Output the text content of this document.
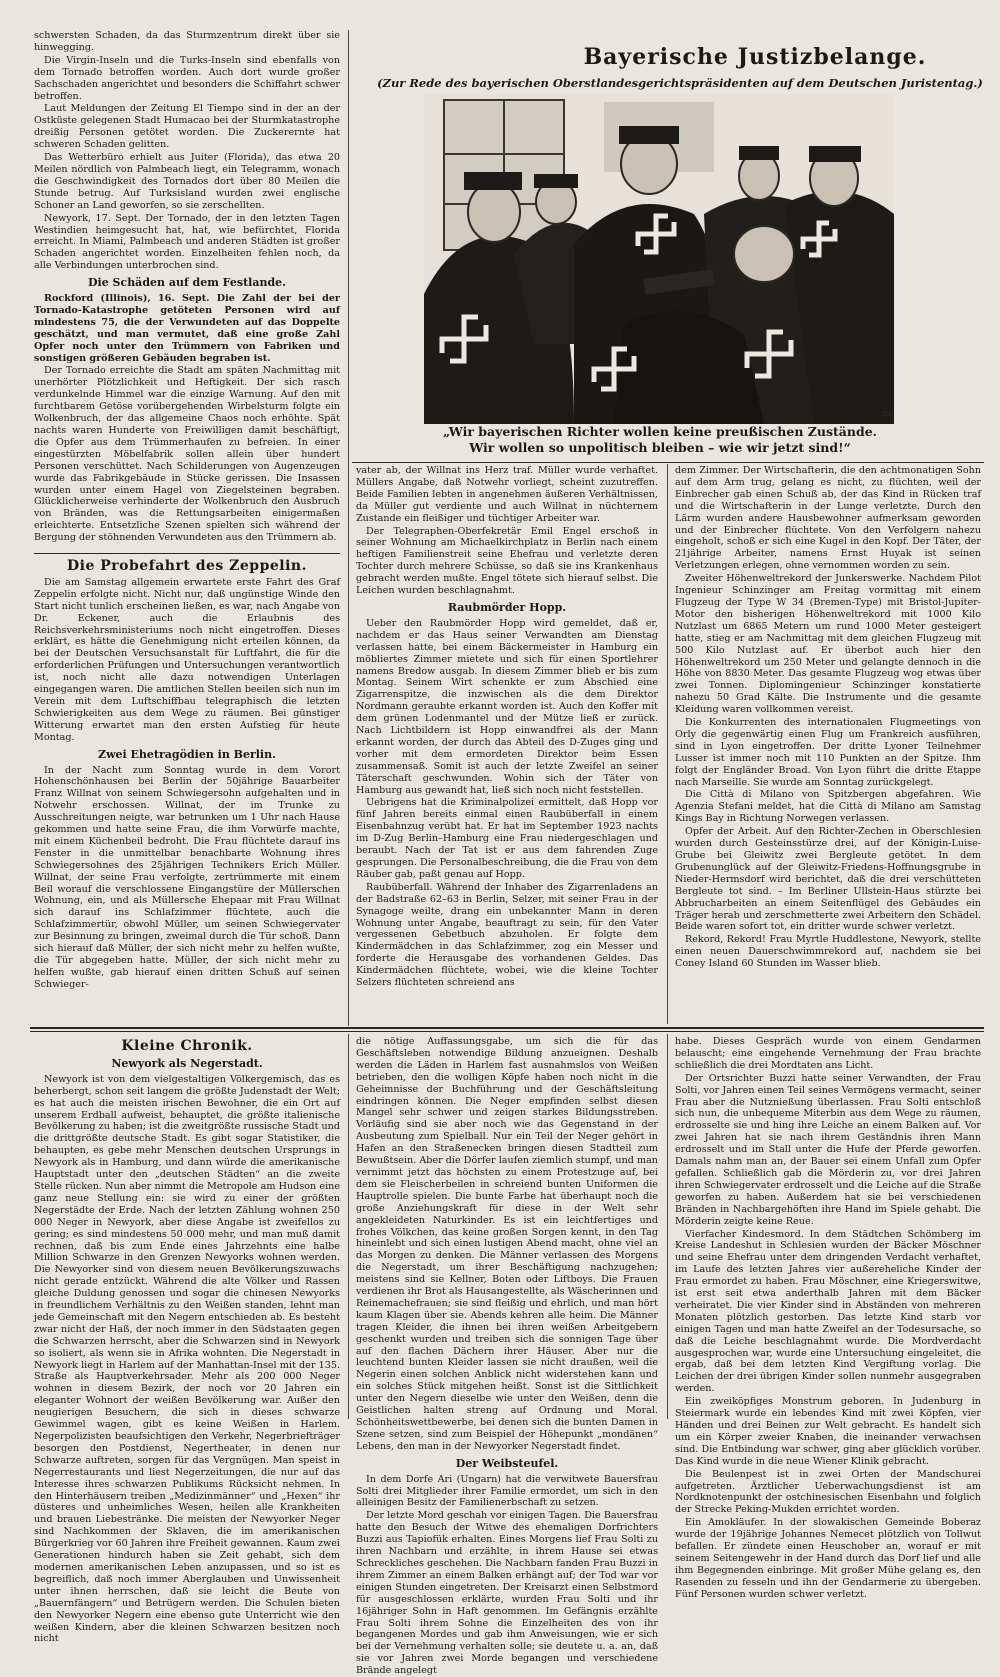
schwersten Schaden, da das Sturmzentrum direkt über sie hinwegging.

Die Virgin-Inseln und die Turks-Inseln sind ebenfalls von dem Tornado betroffen worden. Auch dort wurde großer Sachschaden angerichtet und besonders die Schiffahrt schwer betroffen.

Laut Meldungen der Zeitung El Tiempo sind in der an der Ostküste gelegenen Stadt Humacao bei der Sturmkatastrophe dreißig Personen getötet worden. Die Zuckerernte hat schweren Schaden gelitten.

Das Wetterbüro erhielt aus Juiter (Florida), das etwa 20 Meilen nördlich von Palmbeach liegt, ein Telegramm, wonach die Geschwindigkeit des Tornados dort über 80 Meilen die Stunde betrug. Auf Turksisland wurden zwei englische Schoner an Land geworfen, so sie zerschellten.

Newyork, 17. Sept. Der Tornado, der in den letzten Tagen Westindien heimgesucht hat, hat, wie befürchtet, Florida erreicht. In Miami, Palmbeach und anderen Städten ist großer Schaden angerichtet worden. Einzelheiten fehlen noch, da alle Verbindungen unterbrochen sind.

Die Schäden auf dem Festlande.

Rockford (Illinois), 16. Sept. Die Zahl der bei der Tornado-Katastrophe getöteten Personen wird auf mindestens 75, die der Verwundeten auf das Doppelte geschätzt, und man vermutet, daß eine große Zahl Opfer noch unter den Trümmern von Fabriken und sonstigen größeren Gebäuden begraben ist.

Der Tornado erreichte die Stadt am späten Nachmittag mit unerhörter Plötzlichkeit und Heftigkeit. Der sich rasch verdunkelnde Himmel war die einzige Warnung. Auf den mit furchtbarem Getöse vorübergehenden Wirbelsturm folgte ein Wolkenbruch, der das allgemeine Chaos noch erhöhte. Spät nachts waren Hunderte von Freiwilligen damit beschäftigt, die Opfer aus dem Trümmerhaufen zu befreien. In einer eingestürzten Möbelfabrik sollen allein über hundert Personen verschüttet. Nach Schilderungen von Augenzeugen wurde das Fabrikgebäude in Stücke gerissen. Die Insassen wurden unter einem Hagel von Ziegelsteinen begraben. Glücklicherweise verhinderte der Wolkenbruch den Ausbruch von Bränden, was die Rettungsarbeiten einigermaßen erleichterte. Entsetzliche Szenen spielten sich während der Bergung der stöhnenden Verwundeten aus den Trümmern ab.

Die Probefahrt des Zeppelin.

Die am Samstag allgemein erwartete erste Fahrt des Graf Zeppelin erfolgte nicht. Nicht nur, daß ungünstige Winde den Start nicht tunlich erscheinen ließen, es war, nach Angabe von Dr. Eckener, auch die Erlaubnis des Reichsverkehrsministeriums noch nicht eingetroffen. Dieses erklärt, es hätte die Genehmigung nicht erteilen können, da bei der Deutschen Versuchsanstalt für Luftfahrt, die für die erforderlichen Prüfungen und Untersuchungen verantwortlich ist, noch nicht alle dazu notwendigen Unterlagen eingegangen waren. Die amtlichen Stellen beeilen sich nun im Verein mit dem Luftschiffbau telegraphisch die letzten Schwierigkeiten aus dem Wege zu räumen. Bei günstiger Witterung erwartet man den ersten Aufstieg für heute Montag.

Zwei Ehetragödien in Berlin.

In der Nacht zum Sonntag wurde in dem Vorort Hohenschönhausen bei Berlin der 50jährige Bauarbeiter Franz Willnat von seinem Schwiegersohn aufgehalten und in Notwehr erschossen. Willnat, der im Trunke zu Ausschreitungen neigte, war betrunken um 1 Uhr nach Hause gekommen und hatte seine Frau, die ihm Vorwürfe machte, mit einem Küchenbeil bedroht. Die Frau flüchtete darauf ins Fenster in die unmittelbar benachbarte Wohnung ihres Schwiegersohnes des 25jährigen Technikers Erich Müller. Willnat, der seine Frau verfolgte, zertrümmerte mit einem Beil worauf die verschlossene Eingangstüre der Müllerschen Wohnung, ein, und als Müllersche Ehepaar mit Frau Willnat sich darauf ins Schlafzimmer flüchtete, auch die Schlafzimmertür, obwohl Müller, um seinen Schwiegervater zur Besinnung zu bringen, zweimal durch die Tür schoß. Dann sich hierauf daß Müller, der sich nicht mehr zu helfen wußte, die Tür abgegeben hatte. Müller, der sich nicht mehr zu helfen wußte, gab hierauf einen dritten Schuß auf seinen Schwieger-

Bayerische Justizbelange.
(Zur Rede des bayerischen Oberstlandesgerichtspräsidenten auf dem Deutschen Juristentag.)
mj
„Wir bayerischen Richter wollen keine preußischen Zustände. Wir wollen so unpolitisch bleiben – wie wir jetzt sind!“

vater ab, der Willnat ins Herz traf. Müller wurde verhaftet. Müllers Angabe, daß Notwehr vorliegt, scheint zuzutreffen. Beide Familien lebten in angenehmen äußeren Verhältnissen, da Müller gut verdiente und auch Willnat in nüchternem Zustande ein fleißiger und tüchtiger Arbeiter war.

Der Telegraphen-Oberfekretär Emil Engel erschoß in seiner Wohnung am Michaelkirchplatz in Berlin nach einem heftigen Familienstreit seine Ehefrau und verletzte deren Tochter durch mehrere Schüsse, so daß sie ins Krankenhaus gebracht werden mußte. Engel tötete sich hierauf selbst. Die Leichen wurden beschlagnahmt.

Raubmörder Hopp.

Ueber den Raubmörder Hopp wird gemeldet, daß er, nachdem er das Haus seiner Verwandten am Dienstag verlassen hatte, bei einem Bäckermeister in Hamburg ein möbliertes Zimmer mietete und sich für einen Sportlehrer namens Bredow ausgab. In diesem Zimmer blieb er bis zum Montag. Seinem Wirt schenkte er zum Abschied eine Zigarrenspitze, die inzwischen als die dem Direktor Nordmann geraubte erkannt worden ist. Auch den Koffer mit dem grünen Lodenmantel und der Mütze ließ er zurück. Nach Lichtbildern ist Hopp einwandfrei als der Mann erkannt worden, der durch das Abteil des D-Zuges ging und vorher mit dem ermordeten Direktor beim Essen zusammensaß. Somit ist auch der letzte Zweifel an seiner Täterschaft geschwunden. Wohin sich der Täter von Hamburg aus gewandt hat, ließ sich noch nicht feststellen.

Uebrigens hat die Kriminalpolizei ermittelt, daß Hopp vor fünf Jahren bereits einmal einen Raubüberfall in einem Eisenbahnzug verübt hat. Er hat im September 1923 nachts im D-Zug Berlin–Hamburg eine Frau niedergeschlagen und beraubt. Nach der Tat ist er aus dem fahrenden Zuge gesprungen. Die Personalbeschreibung, die die Frau von dem Räuber gab, paßt genau auf Hopp.

Raubüberfall. Während der Inhaber des Zigarrenladens an der Badstraße 62–63 in Berlin, Selzer, mit seiner Frau in der Synagoge weilte, drang ein unbekannter Mann in deren Wohnung unter Angabe, beauftragt zu sein, für den Vater vergessenen Gebetbuch abzuholen. Er folgte dem Kindermädchen in das Schlafzimmer, zog ein Messer und forderte die Herausgabe des vorhandenen Geldes. Das Kindermädchen flüchtete, wobei, wie die kleine Tochter Selzers flüchteten schreiend ans

dem Zimmer. Der Wirtschafterin, die den achtmonatigen Sohn auf dem Arm trug, gelang es nicht, zu flüchten, weil der Einbrecher gab einen Schuß ab, der das Kind in Rücken traf und die Wirtschafterin in der Lunge verletzte. Durch den Lärm wurden andere Hausbewohner aufmerksam geworden und der Einbrecher flüchtete. Von den Verfolgern nahezu eingeholt, schoß er sich eine Kugel in den Kopf. Der Täter, der 21jährige Arbeiter, namens Ernst Huyak ist seinen Verletzungen erlegen, ohne vernommen worden zu sein.

Zweiter Höhenweltrekord der Junkerswerke. Nachdem Pilot Ingenieur Schinzinger am Freitag vormittag mit einem Flugzeug der Type W 34 (Bremen-Type) mit Bristol-Jupiter-Motor den bisherigen Höhenweltrekord mit 1000 Kilo Nutzlast um 6865 Metern um rund 1000 Meter gesteigert hatte, stieg er am Nachmittag mit dem gleichen Flugzeug mit 500 Kilo Nutzlast auf. Er überbot auch hier den Höhenweltrekord um 250 Meter und gelangte dennoch in die Höhe von 8830 Meter. Das gesamte Flugzeug wog etwas über zwei Tonnen. Diplomingenieur Schinzinger konstatierte nahezu 50 Grad Kälte. Die Instrumente und die gesamte Kleidung waren vollkommen vereist.

Die Konkurrenten des internationalen Flugmeetings von Orly die gegenwärtig einen Flug um Frankreich ausführen, sind in Lyon eingetroffen. Der dritte Lyoner Teilnehmer Lusser ist immer noch mit 110 Punkten an der Spitze. Ihm folgt der Engländer Broad. Von Lyon führt die dritte Etappe nach Marseille. Sie wurde am Sonntag zurückgelegt.

Die Città di Milano von Spitzbergen abgefahren. Wie Agenzia Stefani meldet, hat die Città di Milano am Samstag Kings Bay in Richtung Norwegen verlassen.

Opfer der Arbeit. Auf den Richter-Zechen in Oberschlesien wurden durch Gesteinsstürze drei, auf der Königin-Luise-Grube bei Gleiwitz zwei Bergleute getötet. In dem Grubenunglück auf der Gleiwitz-Friedens-Hoffnungsgrube in Nieder-Hermsdorf wird berichtet, daß die drei verschütteten Bergleute tot sind. – Im Berliner Ullstein-Haus stürzte bei Abbrucharbeiten an einem Seitenflügel des Gebäudes ein Träger herab und zerschmetterte zwei Arbeitern den Schädel. Beide waren sofort tot, ein dritter wurde schwer verletzt.

Rekord, Rekord! Frau Myrtle Huddlestone, Newyork, stellte einen neuen Dauerschwimmrekord auf, nachdem sie bei Coney Island 60 Stunden im Wasser blieb.

Kleine Chronik.
Newyork als Negerstadt.

Newyork ist von dem vielgestaltigen Völkergemisch, das es beherbergt, schon seit langem die größte Judenstadt der Welt; es hat auch die meisten irischen Bewohner, die ein Ort auf unserem Erdball aufweist, behauptet, die größte italienische Bevölkerung zu haben; ist die zweitgrößte russische Stadt und die drittgrößte deutsche Stadt. Es gibt sogar Statistiker, die behaupten, es gebe mehr Menschen deutschen Ursprungs in Newyork als in Hamburg, und dann würde die amerikanische Hauptstadt unter den „deutschen Städten“ an die zweite Stelle rücken. Nun aber nimmt die Metropole am Hudson eine ganz neue Stellung ein: sie wird zu einer der größten Negerstädte der Erde. Nach der letzten Zählung wohnen 250 000 Neger in Newyork, aber diese Angabe ist zweifellos zu gering; es sind mindestens 50 000 mehr, und man muß damit rechnen, daß bis zum Ende eines Jahrzehnts eine halbe Million Schwarze in den Grenzen Newyorks wohnen werden. Die Newyorker sind von diesem neuen Bevölkerungszuwachs nicht gerade entzückt. Während die alte Völker und Rassen gleiche Duldung genossen und sogar die chinesen Newyorks in freundlichem Verhältnis zu den Weißen standen, lehnt man jede Gemeinschaft mit den Negern entschieden ab. Es besteht zwar nicht der Haß, der noch immer in den Südstaaten gegen die Schwarzen herrscht, aber die Schwarzen sind in Newyork so isoliert, als wenn sie in Afrika wohnten. Die Negerstadt in Newyork liegt in Harlem auf der Manhattan-Insel mit der 135. Straße als Hauptverkehrsader. Mehr als 200 000 Neger wohnen in diesem Bezirk, der noch vor 20 Jahren ein eleganter Wohnort der weißen Bevölkerung war. Außer den neugierigen Besuchern, die sich in dieses schwarze Gewimmel wagen, gibt es keine Weißen in Harlem. Negerpolizisten beaufsichtigen den Verkehr, Negerbriefträger besorgen den Postdienst, Negertheater, in denen nur Schwarze auftreten, sorgen für das Vergnügen. Man speist in Negerrestaurants und liest Negerzeitungen, die nur auf das Interesse ihres schwarzen Publikums Rücksicht nehmen. In den Hinterhäusern treiben „Medizinmänner“ und „Hexen“ ihr düsteres und unheimliches Wesen, heilen alle Krankheiten und brauen Liebestränke. Die meisten der Newyorker Neger sind Nachkommen der Sklaven, die im amerikanischen Bürgerkrieg vor 60 Jahren ihre Freiheit gewannen. Kaum zwei Generationen hindurch haben sie Zeit gehabt, sich dem modernen amerikanischen Leben anzupassen, und so ist es begreiflich, daß noch immer Aberglauben und Unwissenheit unter ihnen herrschen, daß sie leicht die Beute von „Bauernfängern“ und Betrügern werden. Die Schulen bieten den Newyorker Negern eine ebenso gute Unterricht wie den weißen Kindern, aber die kleinen Schwarzen besitzen noch nicht

die nötige Auffassungsgabe, um sich die für das Geschäftsleben notwendige Bildung anzueignen. Deshalb werden die Läden in Harlem fast ausnahmslos von Weißen betrieben, den die wolligen Köpfe haben noch nicht in die Geheimnisse der Buchführung und der Geschäftsleitung eindringen können. Die Neger empfinden selbst diesen Mangel sehr schwer und zeigen starkes Bildungsstreben. Vorläufig sind sie aber noch wie das Gegenstand in der Ausbeutung zum Spielball. Nur ein Teil der Neger gehört in Hafen an den Straßenecken bringen diesen Stadtteil zum Bewußtsein. Aber die Dörfer laufen ziemlich stumpf, und man vernimmt jetzt das höchsten zu einem Protestzuge auf, bei dem sie Fleischerbeilen in schreiend bunten Uniformen die Hauptrolle spielen. Die bunte Farbe hat überhaupt noch die große Anziehungskraft für diese in der Welt sehr angekleideten Naturkinder. Es ist ein leichtfertiges und frohes Völkchen, das keine großen Sorgen kennt, in den Tag hineinlebt und sich einen lustigen Abend macht, ohne viel an das Morgen zu denken. Die Männer verlassen des Morgens die Negerstadt, um ihrer Beschäftigung nachzugehen; meistens sind sie Kellner, Boten oder Liftboys. Die Frauen verdienen ihr Brot als Hausangestellte, als Wäscherinnen und Reinemachefrauen; sie sind fleißig und ehrlich, und man hört kaum Klagen über sie. Abends kehren alle heim. Die Männer tragen Kleider, die ihnen bei ihren weißen Arbeitgebern geschenkt wurden und treiben sich die sonnigen Tage über auf den flachen Dächern ihrer Häuser. Aber nur die leuchtend bunten Kleider lassen sie nicht draußen, weil die Negerin einen solchen Anblick nicht widerstehen kann und ein solches Stück mitgehen heißt. Sonst ist die Sittlichkeit unter den Negern dieselbe wie unter den Weißen, denn die Geistlichen halten streng auf Ordnung und Moral. Schönheitswettbewerbe, bei denen sich die bunten Damen in Szene setzen, sind zum Beispiel der Höhepunkt „mondänen“ Lebens, den man in der Newyorker Negerstadt findet.

Der Weibsteufel.

In dem Dorfe Ari (Ungarn) hat die verwitwete Bauersfrau Solti drei Mitglieder ihrer Familie ermordet, um sich in den alleinigen Besitz der Familienerbschaft zu setzen.

Der letzte Mord geschah vor einigen Tagen. Die Bauersfrau hatte den Besuch der Witwe des ehemaligen Dorfrichters Buzzi aus Tapiofük erhalten. Eines Morgens lief Frau Solti zu ihren Nachbarn und erzählte, in ihrem Hause sei etwas Schreckliches geschehen. Die Nachbarn fanden Frau Buzzi in ihrem Zimmer an einem Balken erhängt auf; der Tod war vor einigen Stunden eingetreten. Der Kreisarzt einen Selbstmord für ausgeschlossen erklärte, wurden Frau Solti und ihr 16jähriger Sohn in Haft genommen. Im Gefängnis erzählte Frau Solti ihrem Sohne die Einzelheiten des von ihr begangenen Mordes und gab ihm Anweisungen, wie er sich bei der Vernehmung verhalten solle; sie deutete u. a. an, daß sie vor Jahren zwei Morde begangen und verschiedene Brände angelegt

habe. Dieses Gespräch wurde von einem Gendarmen belauscht; eine eingehende Vernehmung der Frau brachte schließlich die drei Mordtaten ans Licht.

Der Ortsrichter Buzzi hatte seiner Verwandten, der Frau Solti, vor Jahren einen Teil seines Vermögens vermacht, seiner Frau aber die Nutznießung überlassen. Frau Solti entschloß sich nun, die unbequeme Miterbin aus dem Wege zu räumen, erdrosselte sie und hing ihre Leiche an einem Balken auf. Vor zwei Jahren hat sie nach ihrem Geständnis ihren Mann erdrosselt und im Stall unter die Hufe der Pferde geworfen. Damals nahm man an, der Bauer sei einem Unfall zum Opfer gefallen. Schließlich gab die Mörderin zu, vor drei Jahren ihren Schwiegervater erdrosselt und die Leiche auf die Straße geworfen zu haben. Außerdem hat sie bei verschiedenen Bränden in Nachbargehöften ihre Hand im Spiele gehabt. Die Mörderin zeigte keine Reue.

Vierfacher Kindesmord. In dem Städtchen Schömberg im Kreise Landeshut in Schlesien wurden der Bäcker Möschner und seine Ehefrau unter dem dringenden Verdacht verhaftet, im Laufe des letzten Jahres vier außereheliche Kinder der Frau ermordet zu haben. Frau Möschner, eine Kriegerswitwe, ist erst seit etwa anderthalb Jahren mit dem Bäcker verheiratet. Die vier Kinder sind in Abständen von mehreren Monaten plötzlich gestorben. Das letzte Kind starb vor einigen Tagen und man hatte Zweifel an der Todesursache, so daß die Leiche beschlagnahmt wurde. Die Mordverdacht ausgesprochen war, wurde eine Untersuchung eingeleitet, die ergab, daß bei dem letzten Kind Vergiftung vorlag. Die Leichen der drei übrigen Kinder sollen nunmehr ausgegraben werden.

Ein zweiköpfiges Monstrum geboren. In Judenburg in Steiermark wurde ein lebendes Kind mit zwei Köpfen, vier Händen und drei Beinen zur Welt gebracht. Es handelt sich um ein Körper zweier Knaben, die ineinander verwachsen sind. Die Entbindung war schwer, ging aber glücklich vorüber. Das Kind wurde in die neue Wiener Klinik gebracht.

Die Beulenpest ist in zwei Orten der Mandschurei aufgetreten. Ärztlicher Ueberwachungsdienst ist am Nordknotenpunkt der ostchinesischen Eisenbahn und folglich der Strecke Peking-Mukden errichtet worden.

Ein Amokläufer. In der slowakischen Gemeinde Boberaz wurde der 19jährige Johannes Nemecet plötzlich von Tollwut befallen. Er zündete einen Heuschober an, worauf er mit seinem Seitengewehr in der Hand durch das Dorf lief und alle ihm Begegnenden einbringe. Mit großer Mühe gelang es, den Rasenden zu fesseln und ihn der Gendarmerie zu übergeben. Fünf Personen wurden schwer verletzt.
